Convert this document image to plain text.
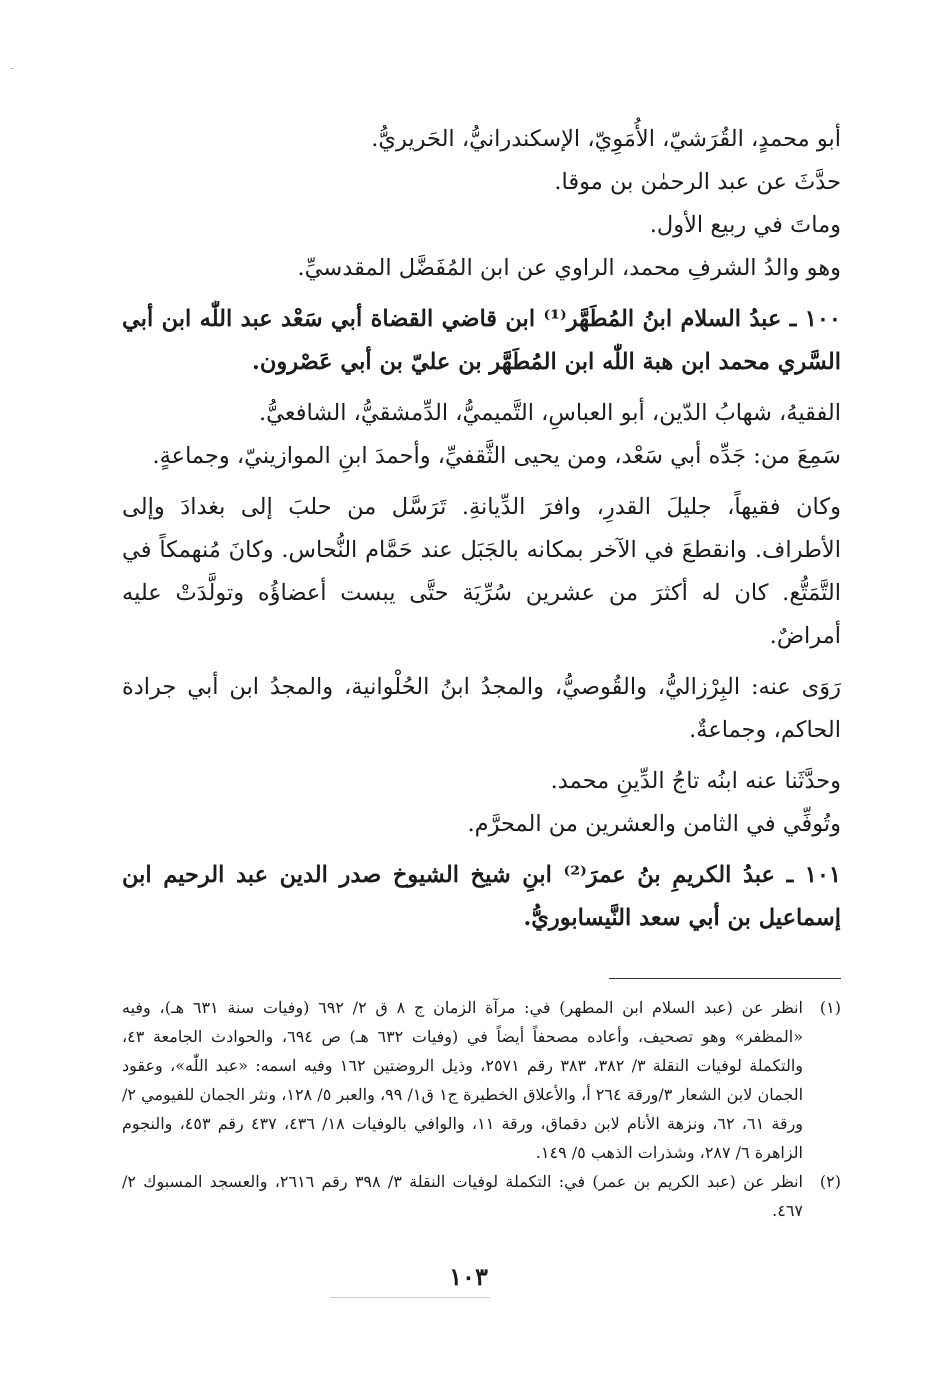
أبو محمدٍ، القُرَشيّ، الأُمَوِيّ، الإسكندرانيُّ، الحَريريُّ.

حدَّثَ عن عبد الرحمٰن بن موقا.

وماتَ في ربيع الأول.

وهو والدُ الشرفِ محمد، الراوي عن ابن المُفَضَّل المقدسيِّ.

١٠٠ ـ عبدُ السلام ابنُ المُطَهَّر⁽¹⁾ ابن قاضي القضاة أبي سَعْد عبد اللّٰه ابن أبي السَّري محمد ابن هبة اللّٰه ابن المُطَهَّر بن عليّ بن أبي عَصْرون.

الفقيهُ، شهابُ الدّين، أبو العباسِ، التَّميميُّ، الدِّمشقيُّ، الشافعيُّ.

سَمِعَ من: جَدِّه أبي سَعْد، ومن يحيى الثَّقفيِّ، وأحمدَ ابنِ الموازينيّ، وجماعةٍ.

وكان فقيهاً، جليلَ القدرِ، وافرَ الدِّيانةِ. تَرَسَّل من حلبَ إلى بغدادَ وإلى الأطراف. وانقطعَ في الآخر بمكانه بالجَبَل عند حَمَّام النُّحاس. وكانَ مُنهمكاً في التَّمَتُّع. كان له أكثرَ من عشرين سُرِّيَة حتَّى يبست أعضاؤُه وتولَّدَتْ عليه أمراضٌ.

رَوَى عنه: البِرْزاليُّ، والقُوصيُّ، والمجدُ ابنُ الحُلْوانية، والمجدُ ابن أبي جرادة الحاكم، وجماعةٌ.

وحدَّثَنا عنه ابنُه تاجُ الدِّينِ محمد.

وتُوفِّي في الثامن والعشرين من المحرَّم.

١٠١ ـ عبدُ الكريمِ بنُ عمرَ⁽²⁾ ابنِ شيخ الشيوخ صدر الدين عبد الرحيم ابن إسماعيل بن أبي سعد النَّيسابوريُّ.

(١)
انظر عن (عبد السلام ابن المطهر) في: مرآة الزمان ج ٨ ق ٢/ ٦٩٢ (وفيات سنة ٦٣١ هـ)، وفيه «المظفر» وهو تصحيف، وأعاده مصحفاً أيضاً في (وفيات ٦٣٢ هـ) ص ٦٩٤، والحوادث الجامعة ٤٣، والتكملة لوفيات النقلة ٣/ ٣٨٢، ٣٨٣ رقم ٢٥٧١، وذيل الروضتين ١٦٢ وفيه اسمه: «عبد اللّٰه»، وعقود الجمان لابن الشعار ٣/ورقة ٢٦٤ أ، والأعلاق الخطيرة ج١ ق١/ ٩٩، والعبر ٥/ ١٢٨، ونثر الجمان للفيومي ٢/ورقة ٦١، ٦٢، ونزهة الأنام لابن دقماق، ورقة ١١، والوافي بالوفيات ١٨/ ٤٣٦، ٤٣٧ رقم ٤٥٣، والنجوم الزاهرة ٦/ ٢٨٧، وشذرات الذهب ٥/ ١٤٩.
(٢)
انظر عن (عبد الكريم بن عمر) في: التكملة لوفيات النقلة ٣/ ٣٩٨ رقم ٢٦١٦، والعسجد المسبوك ٢/ ٤٦٧.
١٠٣
